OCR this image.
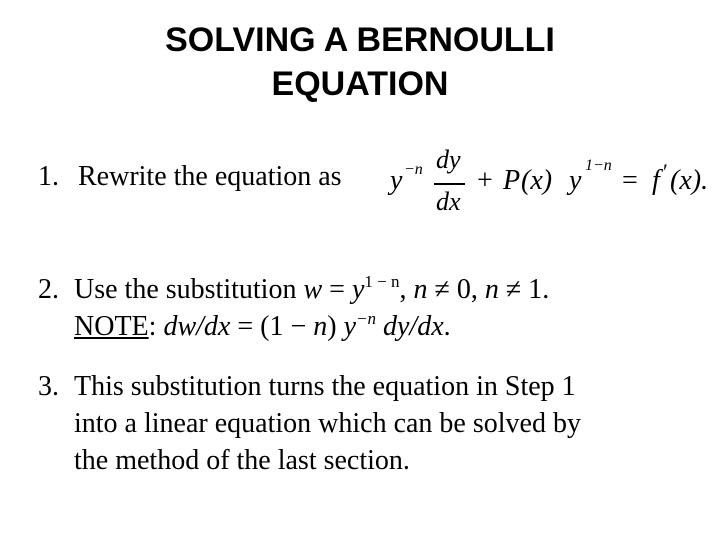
SOLVING A BERNOULLI
EQUATION
1. Rewrite the equation as y −n dy
dx
+ P (x) y 1−n = f ′ (x).
2. Use the substitution $w = y^{1 - n}$, n ≠ 0, n ≠ 1.
NOTE: dw/dx = (1 − n) $y^{-n}$ dy/dx.
3. This substitution turns the equation in Step 1
into a linear equation which can be solved by
the method of the last section.
